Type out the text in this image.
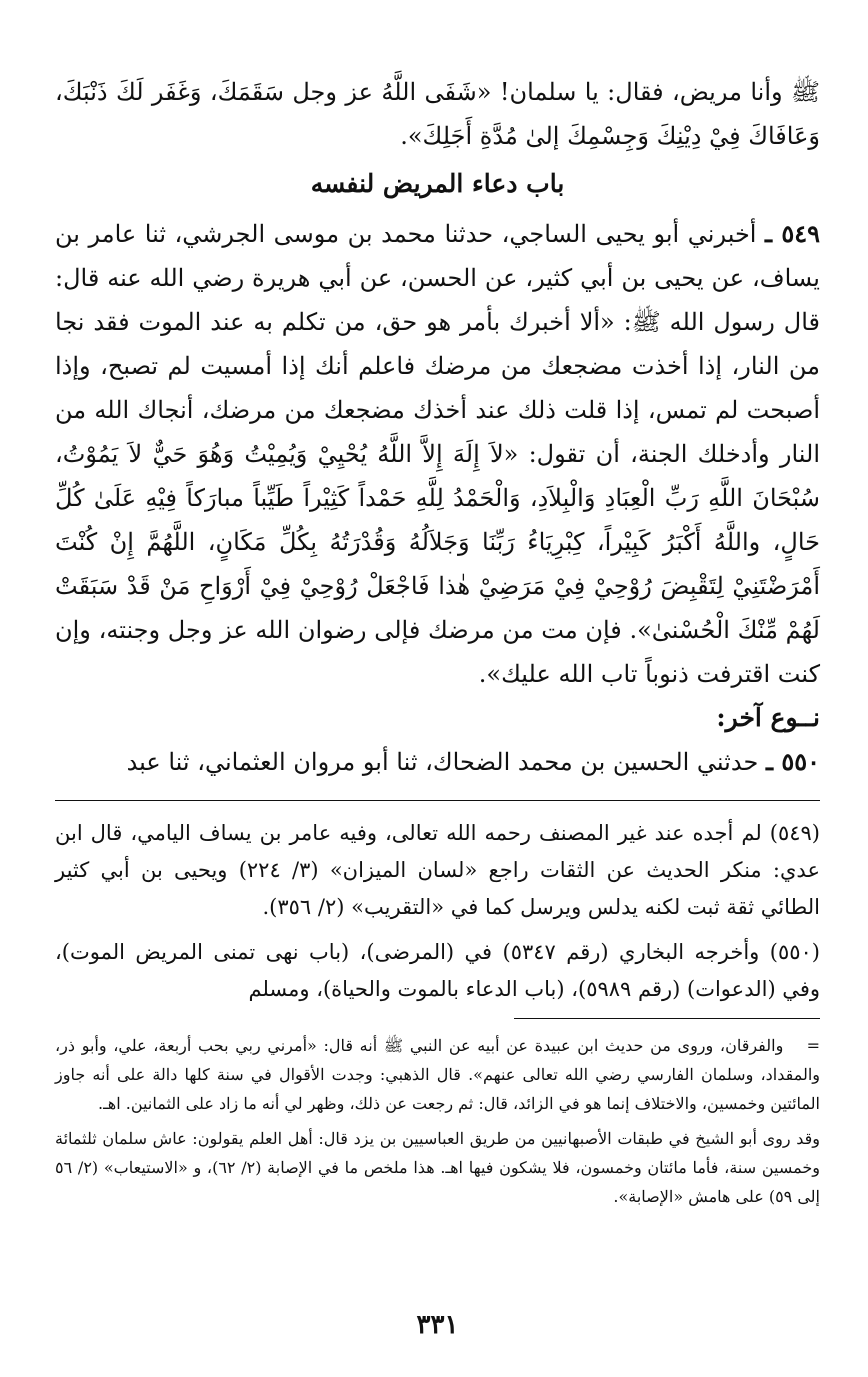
ﷺ وأنا مريض، فقال: يا سلمان! «شَفَى اللَّهُ عز وجل سَقَمَكَ، وَغَفَر لَكَ ذَنْبَكَ، وَعَافَاكَ فِيْ دِيْنِكَ وَجِسْمِكَ إلىٰ مُدَّةِ أَجَلِكَ».

باب دعاء المريض لنفسه

٥٤٩ ـ أخبرني أبو يحيى الساجي، حدثنا محمد بن موسى الجرشي، ثنا عامر بن يساف، عن يحيى بن أبي كثير، عن الحسن، عن أبي هريرة رضي الله عنه قال: قال رسول الله ﷺ: «ألا أخبرك بأمر هو حق، من تكلم به عند الموت فقد نجا من النار، إذا أخذت مضجعك من مرضك فاعلم أنك إذا أمسيت لم تصبح، وإذا أصبحت لم تمس، إذا قلت ذلك عند أخذك مضجعك من مرضك، أنجاك الله من النار وأدخلك الجنة، أن تقول: «لاَ إِلَهَ إِلاَّ اللَّهُ يُحْيِيْ وَيُمِيْتُ وَهُوَ حَيٌّ لاَ يَمُوْتُ، سُبْحَانَ اللَّهِ رَبِّ الْعِبَادِ وَالْبِلاَدِ، وَالْحَمْدُ لِلَّهِ حَمْداً كَثِيْراً طَيِّباً مبارَكاً فِيْهِ عَلَىٰ كُلِّ حَالٍ، واللَّهُ أَكْبَرُ كَبِيْراً، كِبْرِيَاءُ رَبِّنَا وَجَلاَلُهُ وَقُدْرَتُهُ بِكُلِّ مَكَانٍ، اللَّهُمَّ إِنْ كُنْتَ أَمْرَضْتَنِيْ لِتَقْبِضَ رُوْحِيْ فِيْ مَرَضِيْ هٰذا فَاجْعَلْ رُوْحِيْ فِيْ أَرْوَاحِ مَنْ قَدْ سَبَقَتْ لَهُمْ مِّنْكَ الْحُسْنىٰ». فإن مت من مرضك فإلى رضوان الله عز وجل وجنته، وإن كنت اقترفت ذنوباً تاب الله عليك».

نــوع آخر:

٥٥٠ ـ حدثني الحسين بن محمد الضحاك، ثنا أبو مروان العثماني، ثنا عبد

(٥٤٩) لم أجده عند غير المصنف رحمه الله تعالى، وفيه عامر بن يساف اليامي، قال ابن عدي: منكر الحديث عن الثقات راجع «لسان الميزان» (٣/ ٢٢٤) ويحيى بن أبي كثير الطائي ثقة ثبت لكنه يدلس ويرسل كما في «التقريب» (٢/ ٣٥٦).

(٥٥٠) وأخرجه البخاري (رقم ٥٣٤٧) في (المرضى)، (باب نهى تمنى المريض الموت)، وفي (الدعوات) (رقم ٥٩٨٩)، (باب الدعاء بالموت والحياة)، ومسلم

= والفرقان، وروى من حديث ابن عبيدة عن أبيه عن النبي ﷺ أنه قال: «أمرني ربي بحب أربعة، علي، وأبو ذر، والمقداد، وسلمان الفارسي رضي الله تعالى عنهم». قال الذهبي: وجدت الأقوال في سنة كلها دالة على أنه جاوز المائتين وخمسين، والاختلاف إنما هو في الزائد، قال: ثم رجعت عن ذلك، وظهر لي أنه ما زاد على الثمانين. اهـ.

وقد روى أبو الشيخ في طبقات الأصبهانيين من طريق العباسيين بن يزد قال: أهل العلم يقولون: عاش سلمان ثلثمائة وخمسين سنة، فأما مائتان وخمسون، فلا يشكون فيها اهـ. هذا ملخص ما في الإصابة (٢/ ٦٢)، و «الاستيعاب» (٢/ ٥٦ إلى ٥٩) على هامش «الإصابة».

٣٣١
